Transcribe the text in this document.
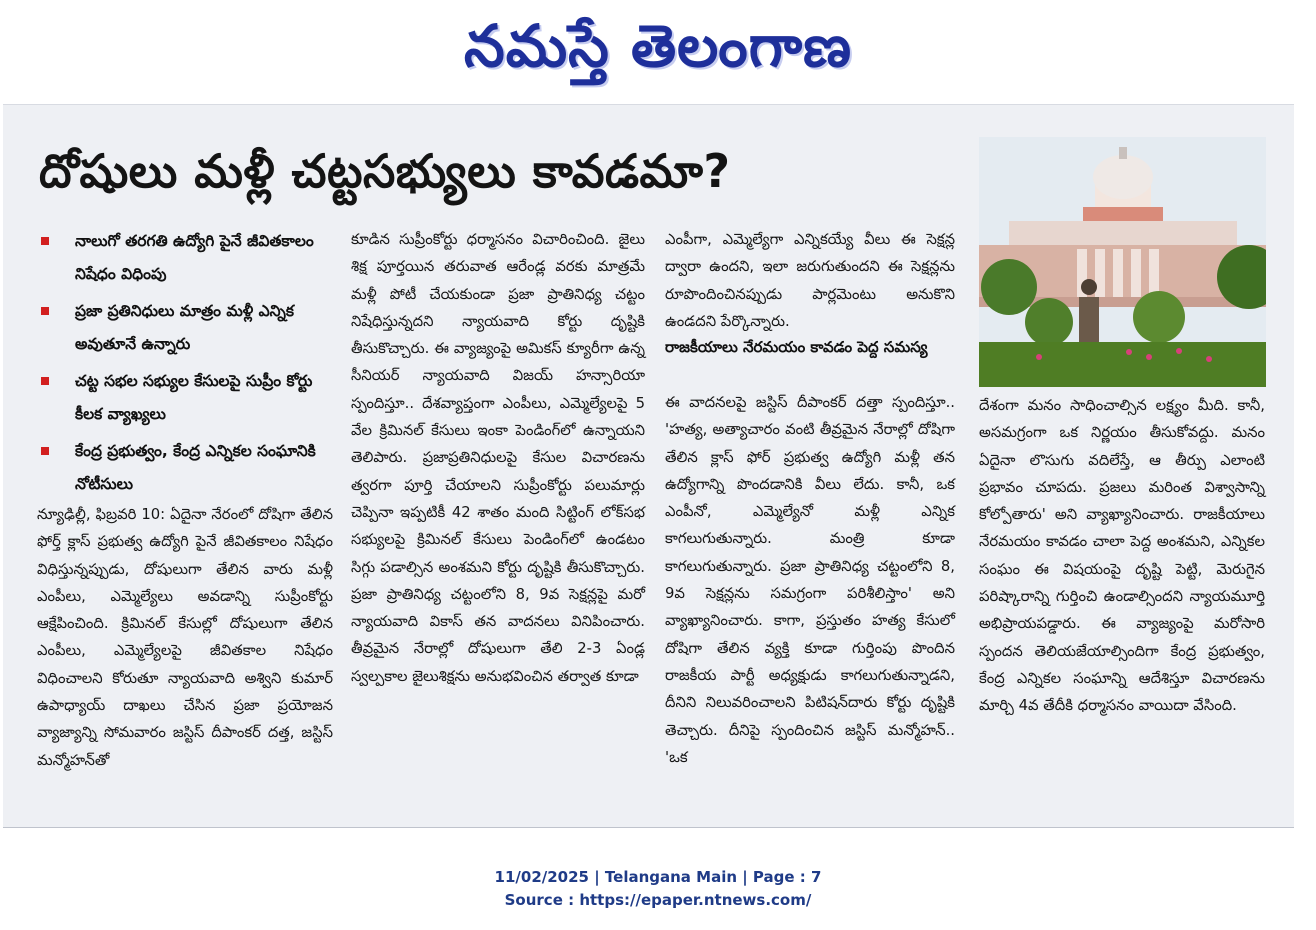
నమస్తే తెలంగాణ
దోషులు మళ్లీ చట్టసభ్యులు కావడమా?
నాలుగో తరగతి ఉద్యోగి పైనే జీవితకాలం నిషేధం విధింపు
ప్రజా ప్రతినిధులు మాత్రం మళ్లీ ఎన్నిక అవుతూనే ఉన్నారు
చట్ట సభల సభ్యుల కేసులపై సుప్రీం కోర్టు కీలక వ్యాఖ్యలు
కేంద్ర ప్రభుత్వం, కేంద్ర ఎన్నికల సంఘానికి నోటీసులు

న్యూఢిల్లీ, ఫిబ్రవరి 10: ఏదైనా నేరంలో దోషిగా తేలిన ఫోర్త్ క్లాస్ ప్రభుత్వ ఉద్యోగి పైనే జీవితకాలం నిషేధం విధిస్తున్నప్పుడు, దోషులుగా తేలిన వారు మళ్లీ ఎంపీలు, ఎమ్మెల్యేలు అవడాన్ని సుప్రీంకోర్టు ఆక్షేపించింది. క్రిమినల్ కేసుల్లో దోషులుగా తేలిన ఎంపీలు, ఎమ్మెల్యేలపై జీవితకాల నిషేధం విధించాలని కోరుతూ న్యాయవాది అశ్విని కుమార్ ఉపాధ్యాయ్ దాఖలు చేసిన ప్రజా ప్రయోజన వ్యాజ్యాన్ని సోమవారం జస్టిస్ దీపాంకర్ దత్త, జస్టిస్ మన్మోహన్‌తో

కూడిన సుప్రీంకోర్టు ధర్మాసనం విచారించింది. జైలు శిక్ష పూర్తయిన తరువాత ఆరేండ్ల వరకు మాత్రమే మళ్లీ పోటీ చేయకుండా ప్రజా ప్రాతినిధ్య చట్టం నిషేధిస్తున్నదని న్యాయవాది కోర్టు దృష్టికి తీసుకొచ్చారు. ఈ వ్యాజ్యంపై అమికస్ క్యూరీగా ఉన్న సీనియర్ న్యాయవాది విజయ్ హన్సారియా స్పందిస్తూ.. దేశవ్యాప్తంగా ఎంపీలు, ఎమ్మెల్యేలపై 5 వేల క్రిమినల్ కేసులు ఇంకా పెండింగ్‌లో ఉన్నాయని తెలిపారు. ప్రజాప్రతినిధులపై కేసుల విచారణను త్వరగా పూర్తి చేయాలని సుప్రీంకోర్టు పలుమార్లు చెప్పినా ఇప్పటికీ 42 శాతం మంది సిట్టింగ్ లోక్‌సభ సభ్యులపై క్రిమినల్ కేసులు పెండింగ్‌లో ఉండటం సిగ్గు పడాల్సిన అంశమని కోర్టు దృష్టికి తీసుకొచ్చారు. ప్రజా ప్రాతినిధ్య చట్టంలోని 8, 9వ సెక్షన్లపై మరో న్యాయవాది వికాస్ తన వాదనలు వినిపించారు. తీవ్రమైన నేరాల్లో దోషులుగా తేలి 2-3 ఏండ్ల స్వల్పకాల జైలుశిక్షను అనుభవించిన తర్వాత కూడా

ఎంపీగా, ఎమ్మెల్యేగా ఎన్నికయ్యే వీలు ఈ సెక్షన్ల ద్వారా ఉందని, ఇలా జరుగుతుందని ఈ సెక్షన్లను రూపొందించినప్పుడు పార్లమెంటు అనుకొని ఉండదని పేర్కొన్నారు.

రాజకీయాలు నేరమయం కావడం పెద్ద సమస్య

ఈ వాదనలపై జస్టిస్ దీపాంకర్ దత్తా స్పందిస్తూ.. 'హత్య, అత్యాచారం వంటి తీవ్రమైన నేరాల్లో దోషిగా తేలిన క్లాస్ ఫోర్ ప్రభుత్వ ఉద్యోగి మళ్లీ తన ఉద్యోగాన్ని పొందడానికి వీలు లేదు. కానీ, ఒక ఎంపీనో, ఎమ్మెల్యేనో మళ్లీ ఎన్నిక కాగలుగుతున్నారు. మంత్రి కూడా కాగలుగుతున్నారు. ప్రజా ప్రాతినిధ్య చట్టంలోని 8, 9వ సెక్షన్లను సమగ్రంగా పరిశీలిస్తాం' అని వ్యాఖ్యానించారు. కాగా, ప్రస్తుతం హత్య కేసులో దోషిగా తేలిన వ్యక్తి కూడా గుర్తింపు పొందిన రాజకీయ పార్టీ అధ్యక్షుడు కాగలుగుతున్నాడని, దీనిని నిలువరించాలని పిటిషన్‌దారు కోర్టు దృష్టికి తెచ్చారు. దీనిపై స్పందించిన జస్టిస్ మన్మోహన్.. 'ఒక

దేశంగా మనం సాధించాల్సిన లక్ష్యం మీది. కానీ, అసమగ్రంగా ఒక నిర్ణయం తీసుకోవద్దు. మనం ఏదైనా లొసుగు వదిలేస్తే, ఆ తీర్పు ఎలాంటి ప్రభావం చూపదు. ప్రజలు మరింత విశ్వాసాన్ని కోల్పోతారు' అని వ్యాఖ్యానించారు. రాజకీయాలు నేరమయం కావడం చాలా పెద్ద అంశమని, ఎన్నికల సంఘం ఈ విషయంపై దృష్టి పెట్టి, మెరుగైన పరిష్కారాన్ని గుర్తించి ఉండాల్సిందని న్యాయమూర్తి అభిప్రాయపడ్డారు. ఈ వ్యాజ్యంపై మరోసారి స్పందన తెలియజేయాల్సిందిగా కేంద్ర ప్రభుత్వం, కేంద్ర ఎన్నికల సంఘాన్ని ఆదేశిస్తూ విచారణను మార్చి 4వ తేదీకి ధర్మాసనం వాయిదా వేసింది.

11/02/2025 | Telangana Main | Page : 7
Source : https://epaper.ntnews.com/
